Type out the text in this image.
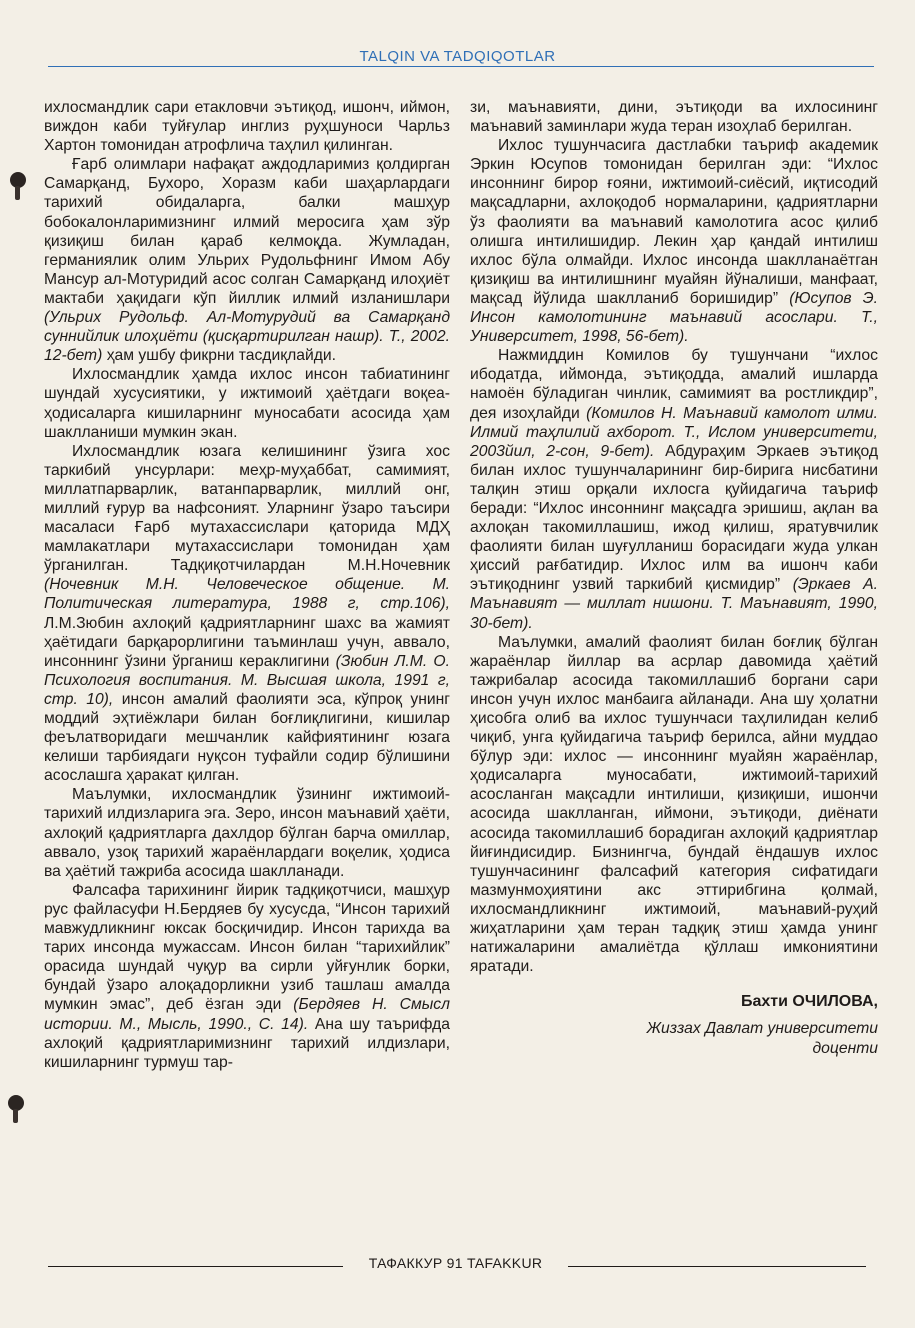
TALQIN VA TADQIQOTLAR

ихлосмандлик сари етакловчи эътиқод, ишонч, иймон, виждон каби туйғулар инглиз руҳшуноси Чарльз Хартон томонидан атрофлича таҳлил қилинган.

Ғарб олимлари нафақат аждодларимиз қолдирган Самарқанд, Бухоро, Хоразм каби шаҳарлардаги тарихий обидаларга, балки машҳур бобокалонларимизнинг илмий меросига ҳам зўр қизиқиш билан қараб келмоқда. Жумладан, германиялик олим Ульрих Рудольфнинг Имом Абу Мансур ал-Мотуридий асос солган Самарқанд илоҳиёт мактаби ҳақидаги кўп йиллик илмий изланишлари (Ульрих Рудольф. Ал-Мотурудий ва Самарқанд суннийлик илоҳиёти (қисқартирилган нашр). Т., 2002. 12-бет) ҳам ушбу фикрни тасдиқлайди.

Ихлосмандлик ҳамда ихлос инсон табиатининг шундай хусусиятики, у ижтимоий ҳаётдаги воқеа-ҳодисаларга кишиларнинг муносабати асосида ҳам шаклланиши мумкин экан.

Ихлосмандлик юзага келишининг ўзига хос таркибий унсурлари: меҳр-муҳаббат, самимият, миллатпарварлик, ватанпарварлик, миллий онг, миллий ғурур ва нафсоният. Уларнинг ўзаро таъсири масаласи Ғарб мутахассислари қаторида МДҲ мамлакатлари мутахассислари томонидан ҳам ўрганилган. Тадқиқотчилардан М.Н.Ночевник (Ночевник М.Н. Человеческое общение. М. Политическая литература, 1988 г, стр.106), Л.М.Зюбин ахлоқий қадриятларнинг шахс ва жамият ҳаётидаги барқарорлигини таъминлаш учун, аввало, инсоннинг ўзини ўрганиш кераклигини (Зюбин Л.М. О. Психология воспитания. М. Высшая школа, 1991 г, стр. 10), инсон амалий фаолияти эса, кўпроқ унинг моддий эҳтиёжлари билан боғлиқлигини, кишилар феълатворидаги мешчанлик кайфиятининг юзага келиши тарбиядаги нуқсон туфайли содир бўлишини асослашга ҳаракат қилган.

Маълумки, ихлосмандлик ўзининг ижтимоий-тарихий илдизларига эга. Зеро, инсон маънавий ҳаёти, ахлоқий қадриятларга дахлдор бўлган барча омиллар, аввало, узоқ тарихий жараёнлардаги воқелик, ҳодиса ва ҳаётий тажриба асосида шаклланади.

Фалсафа тарихининг йирик тадқиқотчиси, машҳур рус файласуфи Н.Бердяев бу хусусда, “Инсон тарихий мавжудликнинг юксак босқичидир. Инсон тарихда ва тарих инсонда мужассам. Инсон билан “тарихийлик” орасида шундай чуқур ва сирли уйғунлик борки, бундай ўзаро алоқадорликни узиб ташлаш амалда мумкин эмас”, деб ёзган эди (Бердяев Н. Смысл истории. М., Мысль, 1990., С. 14). Ана шу таърифда ахлоқий қадриятларимизнинг тарихий илдизлари, кишиларнинг турмуш тар-

зи, маънавияти, дини, эътиқоди ва ихлосининг маънавий заминлари жуда теран изоҳлаб берилган.

Ихлос тушунчасига дастлабки таъриф академик Эркин Юсупов томонидан берилган эди: “Ихлос инсоннинг бирор ғояни, ижтимоий-сиёсий, иқтисодий мақсадларни, ахлоқодоб нормаларини, қадриятларни ўз фаолияти ва маънавий камолотига асос қилиб олишга интилишидир. Лекин ҳар қандай интилиш ихлос бўла олмайди. Ихлос инсонда шаклланаётган қизиқиш ва интилишнинг муайян йўналиши, манфаат, мақсад йўлида шаклланиб боришидир” (Юсупов Э. Инсон камолотининг маънавий асослари. Т., Университет, 1998, 56-бет).

Нажмиддин Комилов бу тушунчани “ихлос ибодатда, иймонда, эътиқодда, амалий ишларда намоён бўладиган чинлик, самимият ва ростликдир”, дея изоҳлайди (Комилов Н. Маънавий камолот илми. Илмий таҳлилий ахборот. Т., Ислом университети, 2003йил, 2-сон, 9-бет). Абдураҳим Эркаев эътиқод билан ихлос тушунчаларининг бир-бирига нисбатини талқин этиш орқали ихлосга қуйидагича таъриф беради: “Ихлос инсоннинг мақсадга эришиш, ақлан ва ахлоқан такомиллашиш, ижод қилиш, яратувчилик фаолияти билан шуғулланиш борасидаги жуда улкан ҳиссий рағбатидир. Ихлос илм ва ишонч каби эътиқоднинг узвий таркибий қисмидир” (Эркаев А. Маънавият — миллат нишони. Т. Маънавият, 1990, 30-бет).

Маълумки, амалий фаолият билан боғлиқ бўлган жараёнлар йиллар ва асрлар давомида ҳаётий тажрибалар асосида такомиллашиб боргани сари инсон учун ихлос манбаига айланади. Ана шу ҳолатни ҳисобга олиб ва ихлос тушунчаси таҳлилидан келиб чиқиб, унга қуйидагича таъриф берилса, айни муддао бўлур эди: ихлос — инсоннинг муайян жараёнлар, ҳодисаларга муносабати, ижтимоий-тарихий асосланган мақсадли интилиши, қизиқиши, ишончи асосида шаклланган, иймони, эътиқоди, диёнати асосида такомиллашиб борадиган ахлоқий қадриятлар йиғиндисидир. Бизнингча, бундай ёндашув ихлос тушунчасининг фалсафий категория сифатидаги мазмунмоҳиятини акс эттирибгина қолмай, ихлосмандликнинг ижтимоий, маънавий-руҳий жиҳатларини ҳам теран тадқиқ этиш ҳамда унинг натижаларини амалиётда қўллаш имкониятини яратади.

Бахти ОЧИЛОВА,
Жиззах Давлат университети
доценти
ТАФАККУР 91 TAFAKKUR
